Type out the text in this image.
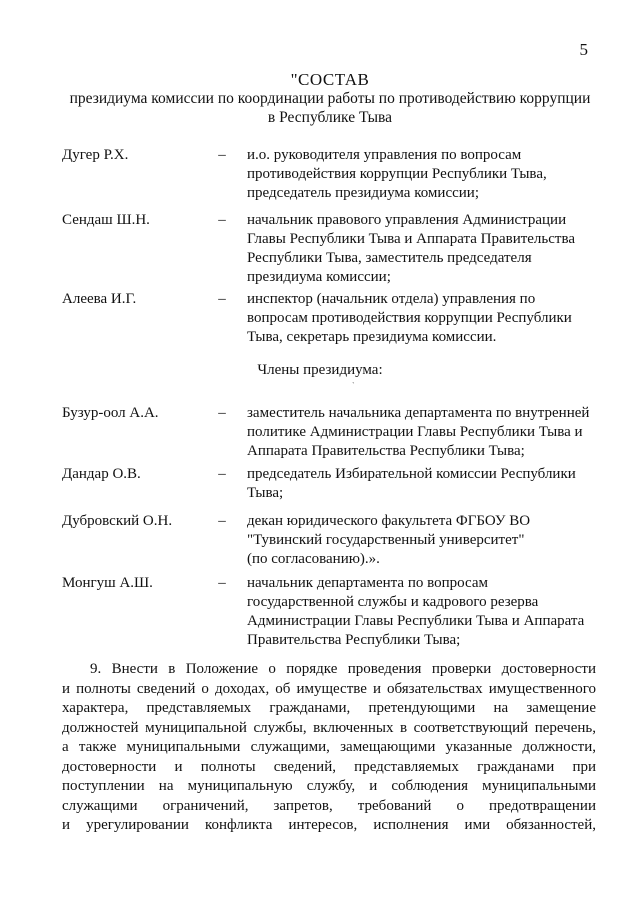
5
"СОСТАВ
президиума комиссии по координации работы по противодействию коррупции
в Республике Тыва
Дугер Р.Х.	–	и.о. руководителя управления по вопросам
противодействия коррупции Республики Тыва,
председатель президиума комиссии;
Сендаш Ш.Н.	–	начальник правового управления Администрации
Главы Республики Тыва и Аппарата Правительства
Республики Тыва, заместитель председателя
президиума комиссии;
Алеева И.Г.	–	инспектор (начальник отдела) управления по
вопросам противодействия коррупции Республики
Тыва, секретарь президиума комиссии.
Члены президиума:
ˋ
Бузур-оол А.А.	–	заместитель начальника департамента по внутренней
политике Администрации Главы Республики Тыва и
Аппарата Правительства Республики Тыва;
Дандар О.В.	–	председатель Избирательной комиссии Республики
Тыва;
Дубровский О.Н.	–	декан юридического факультета ФГБОУ ВО
"Тувинский государственный университет"
(по согласованию).».
Монгуш А.Ш.	–	начальник департамента по вопросам
государственной службы и кадрового резерва
Администрации Главы Республики Тыва и Аппарата
Правительства Республики Тыва;
9. Внести в Положение о порядке проведения проверки достоверности
и полноты сведений о доходах, об имуществе и обязательствах имущественного
характера, представляемых гражданами, претендующими на замещение
должностей муниципальной службы, включенных в соответствующий перечень,
а также муниципальными служащими, замещающими указанные должности,
достоверности и полноты сведений, представляемых гражданами при
поступлении на муниципальную службу, и соблюдения муниципальными
служащими ограничений, запретов, требований о предотвращении
и урегулировании конфликта интересов, исполнения ими обязанностей,
